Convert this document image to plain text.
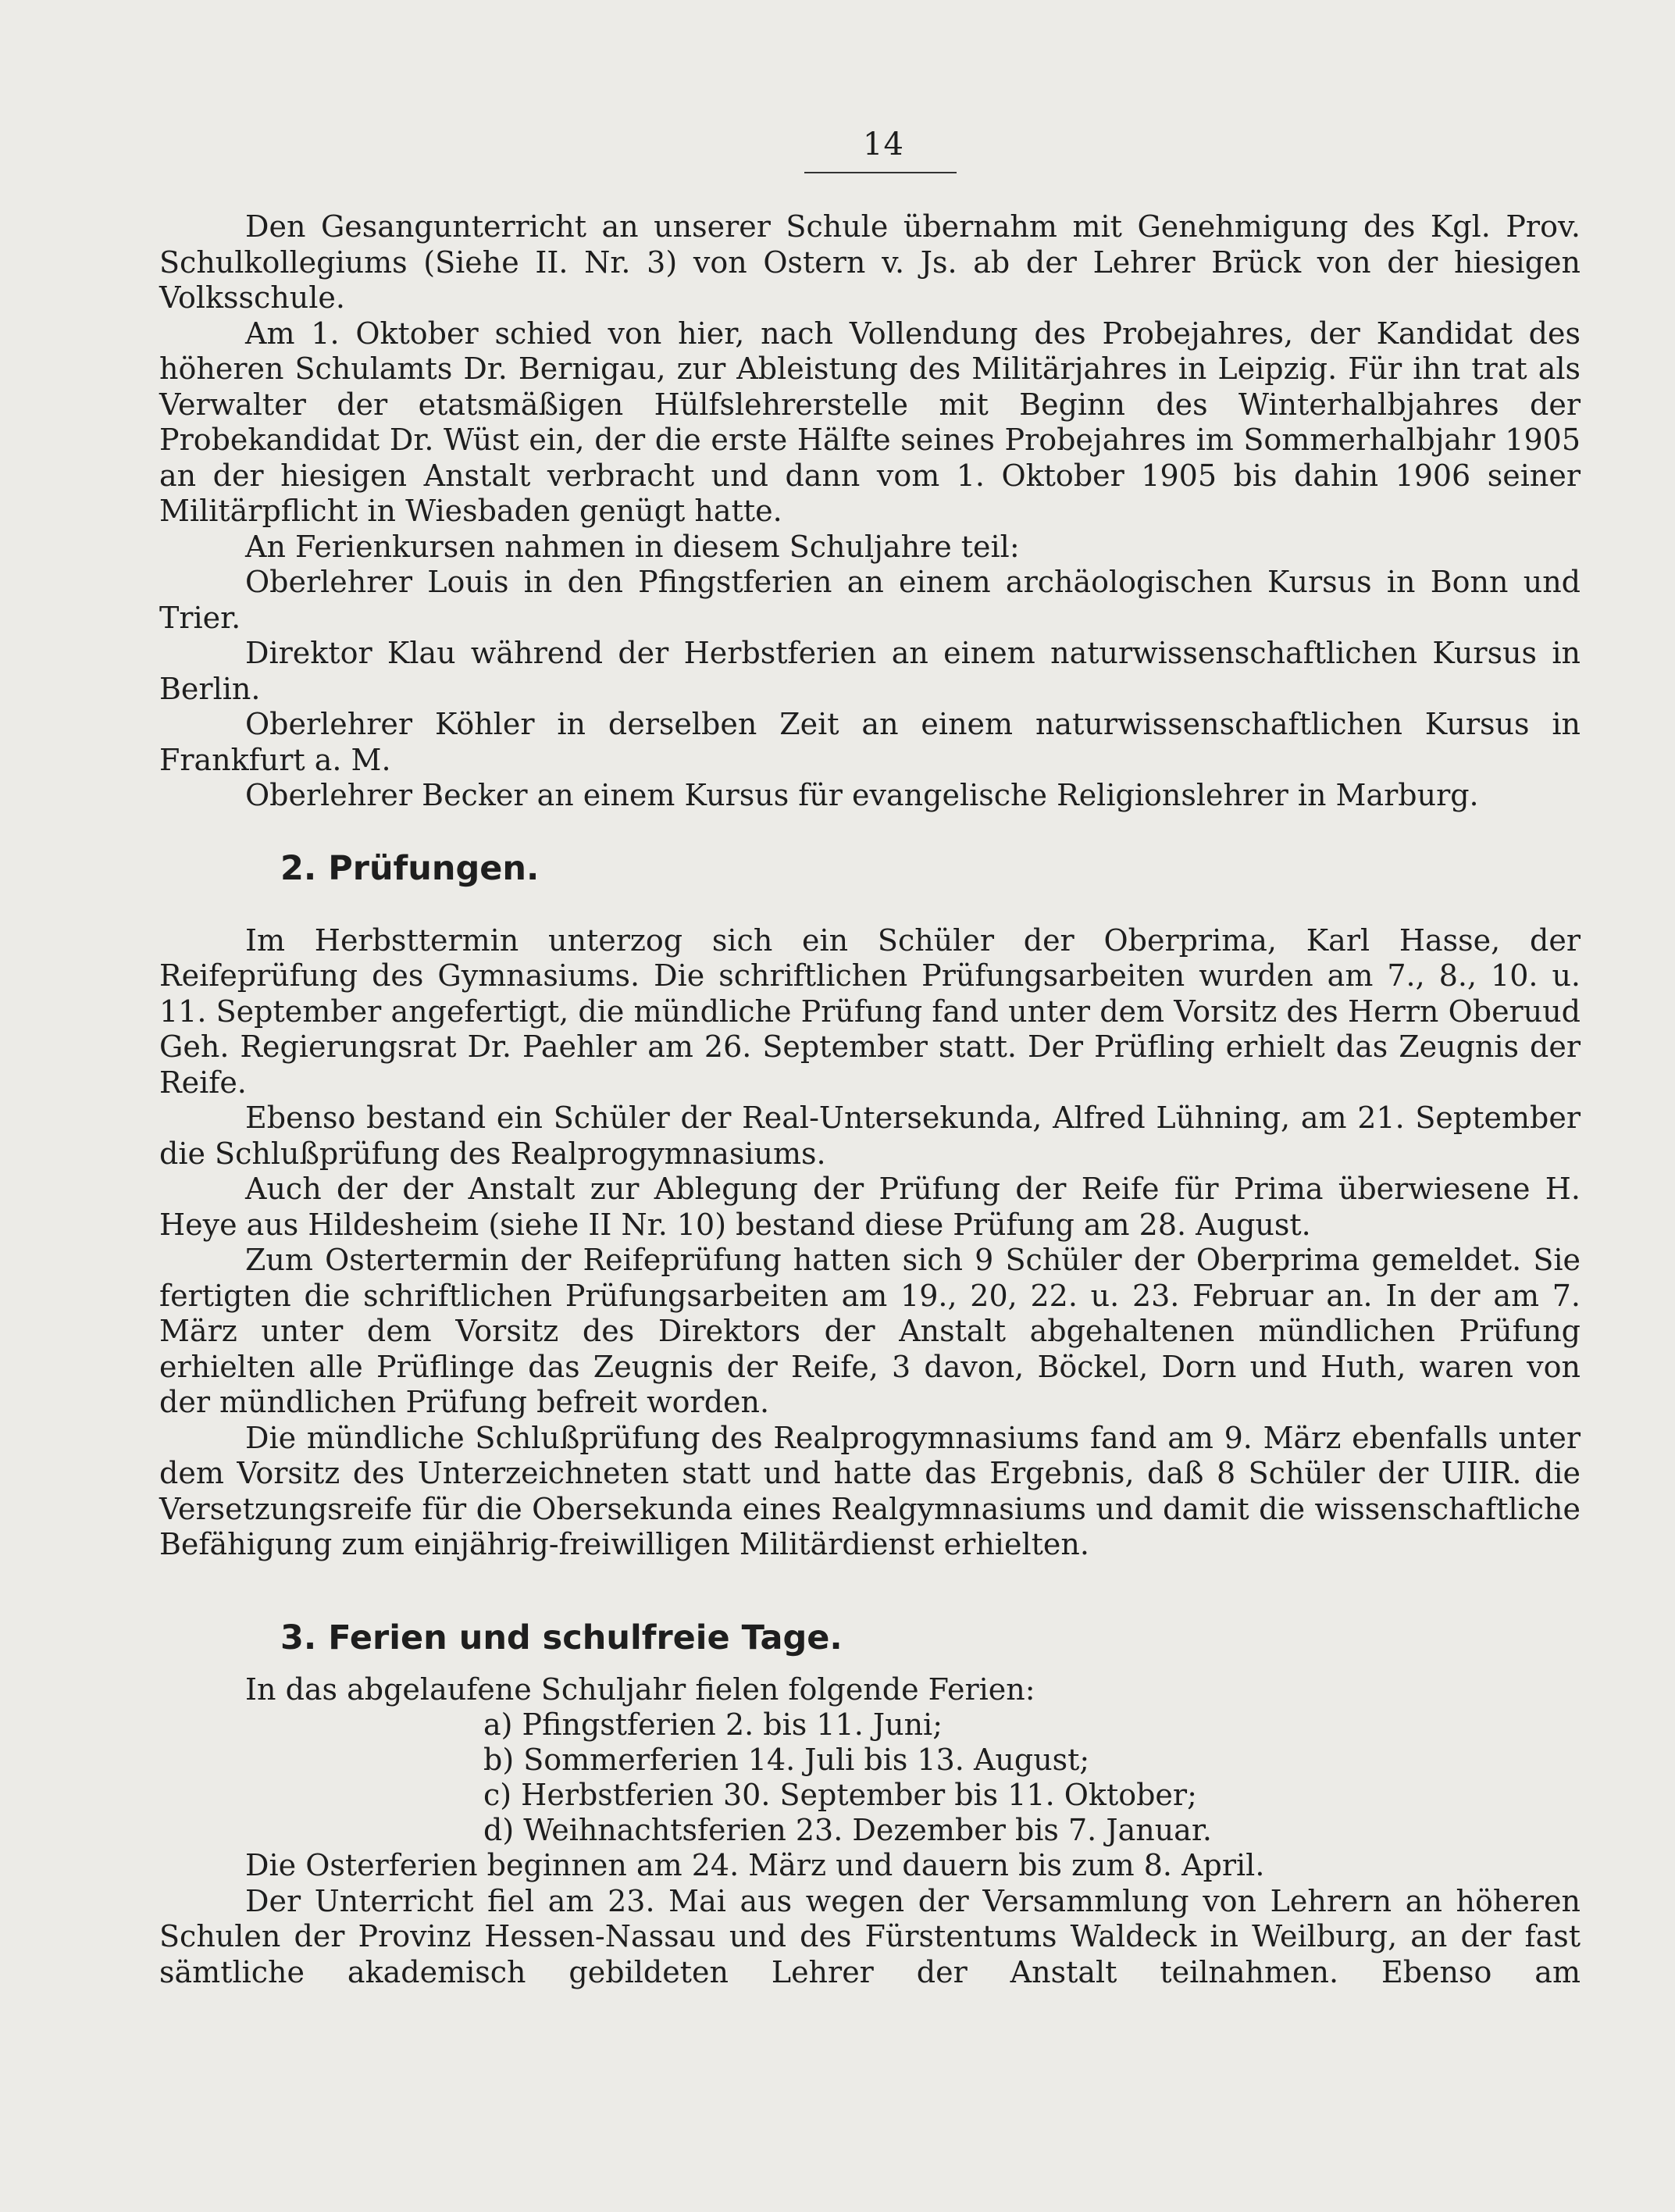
14

Den Gesangunterricht an unserer Schule übernahm mit Genehmigung des Kgl. Prov. Schulkollegiums (Siehe II. Nr. 3) von Ostern v. Js. ab der Lehrer Brück von der hiesigen Volksschule.

Am 1. Oktober schied von hier, nach Vollendung des Probejahres, der Kandidat des höheren Schulamts Dr. Bernigau, zur Ableistung des Militärjahres in Leipzig. Für ihn trat als Verwalter der etatsmäßigen Hülfslehrerstelle mit Beginn des Winterhalbjahres der Probekandidat Dr. Wüst ein, der die erste Hälfte seines Probejahres im Sommerhalbjahr 1905 an der hiesigen Anstalt verbracht und dann vom 1. Oktober 1905 bis dahin 1906 seiner Militärpflicht in Wiesbaden genügt hatte.

An Ferienkursen nahmen in diesem Schuljahre teil:

Oberlehrer Louis in den Pfingstferien an einem archäologischen Kursus in Bonn und Trier.

Direktor Klau während der Herbstferien an einem naturwissenschaftlichen Kursus in Berlin.

Oberlehrer Köhler in derselben Zeit an einem naturwissenschaftlichen Kursus in Frankfurt a. M.

Oberlehrer Becker an einem Kursus für evangelische Religionslehrer in Marburg.

2. Prüfungen.

Im Herbsttermin unterzog sich ein Schüler der Oberprima, Karl Hasse, der Reifeprüfung des Gymnasiums. Die schriftlichen Prüfungsarbeiten wurden am 7., 8., 10. u. 11. September angefertigt, die mündliche Prüfung fand unter dem Vorsitz des Herrn Oberuud Geh. Regierungsrat Dr. Paehler am 26. September statt. Der Prüfling erhielt das Zeugnis der Reife.

Ebenso bestand ein Schüler der Real-Untersekunda, Alfred Lühning, am 21. September die Schlußprüfung des Realprogymnasiums.

Auch der der Anstalt zur Ablegung der Prüfung der Reife für Prima überwiesene H. Heye aus Hildesheim (siehe II Nr. 10) bestand diese Prüfung am 28. August.

Zum Ostertermin der Reifeprüfung hatten sich 9 Schüler der Oberprima gemeldet. Sie fertigten die schriftlichen Prüfungsarbeiten am 19., 20, 22. u. 23. Februar an. In der am 7. März unter dem Vorsitz des Direktors der Anstalt abgehaltenen mündlichen Prüfung erhielten alle Prüflinge das Zeugnis der Reife, 3 davon, Böckel, Dorn und Huth, waren von der mündlichen Prüfung befreit worden.

Die mündliche Schlußprüfung des Realprogymnasiums fand am 9. März ebenfalls unter dem Vorsitz des Unterzeichneten statt und hatte das Ergebnis, daß 8 Schüler der UIIR. die Versetzungsreife für die Obersekunda eines Realgymnasiums und damit die wissenschaftliche Befähigung zum einjährig-freiwilligen Militärdienst erhielten.

3. Ferien und schulfreie Tage.

In das abgelaufene Schuljahr fielen folgende Ferien:

a) Pfingstferien 2. bis 11. Juni;
b) Sommerferien 14. Juli bis 13. August;
c) Herbstferien 30. September bis 11. Oktober;
d) Weihnachtsferien 23. Dezember bis 7. Januar.

Die Osterferien beginnen am 24. März und dauern bis zum 8. April.

Der Unterricht fiel am 23. Mai aus wegen der Versammlung von Lehrern an höheren Schulen der Provinz Hessen-Nassau und des Fürstentums Waldeck in Weilburg, an der fast sämtliche akademisch gebildeten Lehrer der Anstalt teilnahmen. Ebenso am
